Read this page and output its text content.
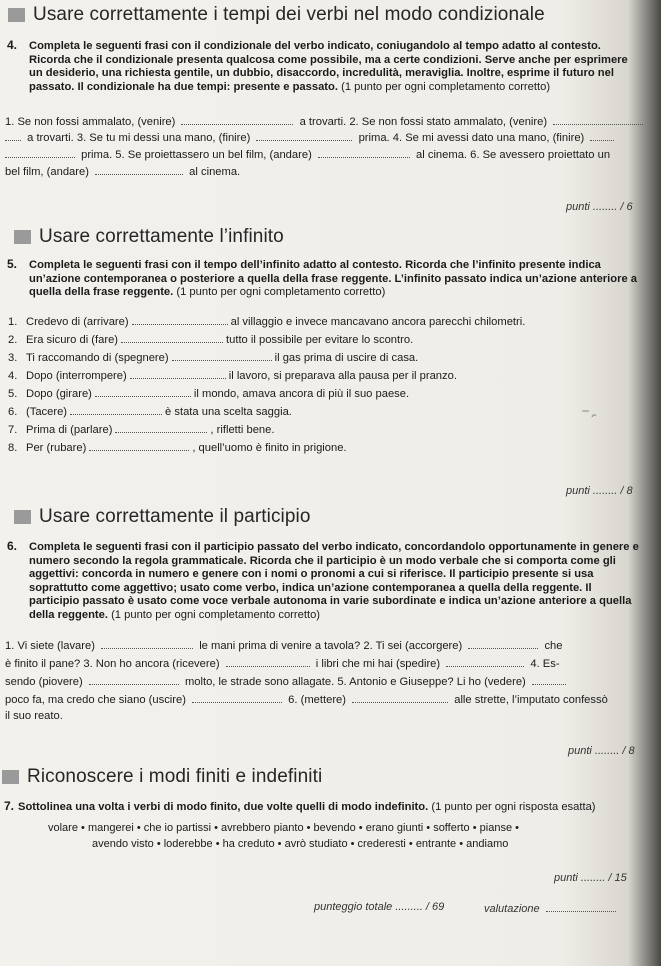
Usare correttamente i tempi dei verbi nel modo condizionale
4.	Completa le seguenti frasi con il condizionale del verbo indicato, coniugandolo al tempo adatto al contesto. Ricorda che il condizionale presenta qualcosa come possibile, ma a certe condizioni. Serve anche per esprimere un desiderio, una richiesta gentile, un dubbio, disaccordo, incredulità, meraviglia. Inoltre, esprime il futuro nel passato. Il condizionale ha due tempi: presente e passato. (1 punto per ogni completamento corretto)
1. Se non fossi ammalato, (venire)	a trovarti. 2. Se non fossi stato ammalato, (venire)
a trovarti. 3. Se tu mi dessi una mano, (finire)	prima. 4. Se mi avessi dato una mano, (finire)
prima. 5. Se proiettassero un bel film, (andare)	al cinema. 6. Se avessero proiettato un
bel film, (andare)	al cinema.
punti ........ / 6
Usare correttamente l’infinito
5.	Completa le seguenti frasi con il tempo dell’infinito adatto al contesto. Ricorda che l’infinito presente indica un’azione contemporanea o posteriore a quella della frase reggente. L’infinito passato indica un’azione anteriore a quella della frase reggente. (1 punto per ogni completamento corretto)
1. Credevo di (arrivare)	al villaggio e invece mancavano ancora parecchi chilometri.
2. Era sicuro di (fare)	tutto il possibile per evitare lo scontro.
3. Ti raccomando di (spegnere)	il gas prima di uscire di casa.
4. Dopo (interrompere)	il lavoro, si preparava alla pausa per il pranzo.
5. Dopo (girare)	il mondo, amava ancora di più il suo paese.
6. (Tacere)	è stata una scelta saggia.
7. Prima di (parlare)	, rifletti bene.
8. Per (rubare)	, quell’uomo è finito in prigione.
punti ........ / 8
Usare correttamente il participio
6.	Completa le seguenti frasi con il participio passato del verbo indicato, concordandolo opportunamente in genere e numero secondo la regola grammaticale. Ricorda che il participio è un modo verbale che si comporta come gli aggettivi: concorda in numero e genere con i nomi o pronomi a cui si riferisce. Il participio presente si usa soprattutto come aggettivo; usato come verbo, indica un’azione contemporanea a quella della reggente. Il participio passato è usato come voce verbale autonoma in varie subordinate e indica un’azione anteriore a quella della reggente. (1 punto per ogni completamento corretto)
1. Vi siete (lavare)	le mani prima di venire a tavola? 2. Ti sei (accorgere)	che
è finito il pane? 3. Non ho ancora (ricevere)	i libri che mi hai (spedire)	4. Es-
sendo (piovere)	molto, le strade sono allagate. 5. Antonio e Giuseppe? Li ho (vedere)
poco fa, ma credo che siano (uscire)	6. (mettere)	alle strette, l’imputato confessò
il suo reato.
punti ........ / 8
Riconoscere i modi finiti e indefiniti
7. Sottolinea una volta i verbi di modo finito, due volte quelli di modo indefinito. (1 punto per ogni risposta esatta)
volare • mangerei • che io partissi • avrebbero pianto • bevendo • erano giunti • sofferto • pianse •
avendo visto • loderebbe • ha creduto • avrò studiato • crederesti • entrante • andiamo
punti ........ / 15
punteggio totale ......... / 69	valutazione
